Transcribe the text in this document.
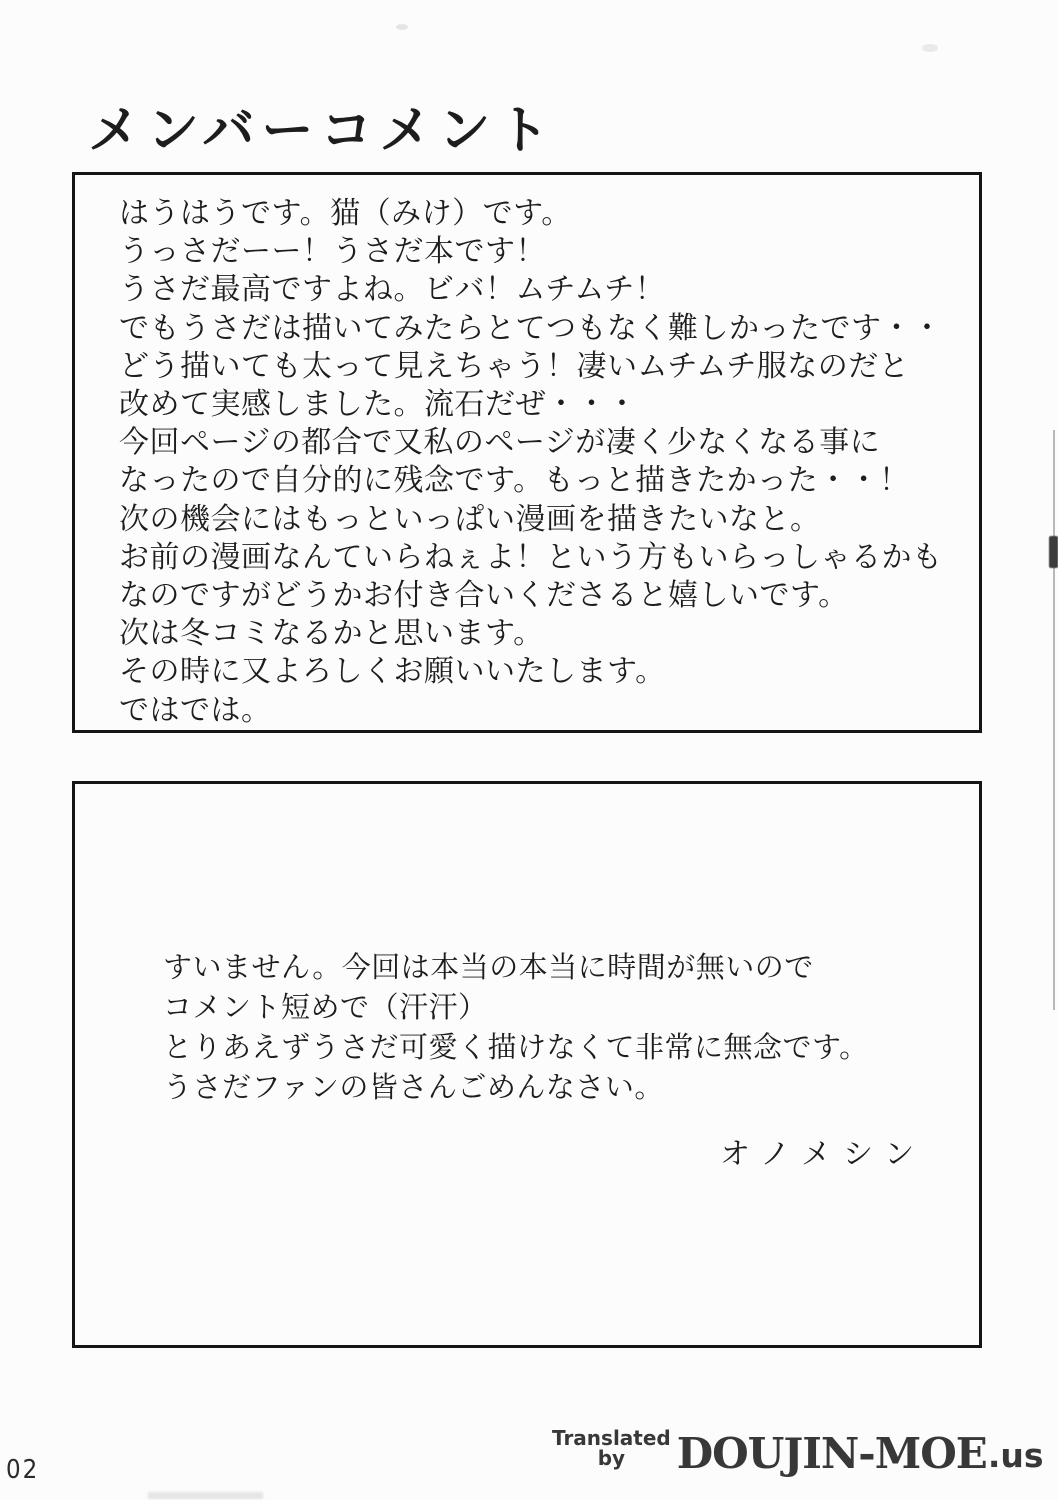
メンバーコメント
はうはうです。猫（みけ）です。
うっさだーー！うさだ本です！
うさだ最高ですよね。ビバ！ムチムチ！
でもうさだは描いてみたらとてつもなく難しかったです・・
どう描いても太って見えちゃう！凄いムチムチ服なのだと
改めて実感しました。流石だぜ・・・
今回ページの都合で又私のページが凄く少なくなる事に
なったので自分的に残念です。もっと描きたかった・・！
次の機会にはもっといっぱい漫画を描きたいなと。
お前の漫画なんていらねぇよ！という方もいらっしゃるかも
なのですがどうかお付き合いくださると嬉しいです。
次は冬コミなるかと思います。
その時に又よろしくお願いいたします。
ではでは。
すいません。今回は本当の本当に時間が無いので
コメント短めで（汗汗）
とりあえずうさだ可愛く描けなくて非常に無念です。
うさだファンの皆さんごめんなさい。
オノメシン
Translated
by DOUJIN-MOE .us
02
